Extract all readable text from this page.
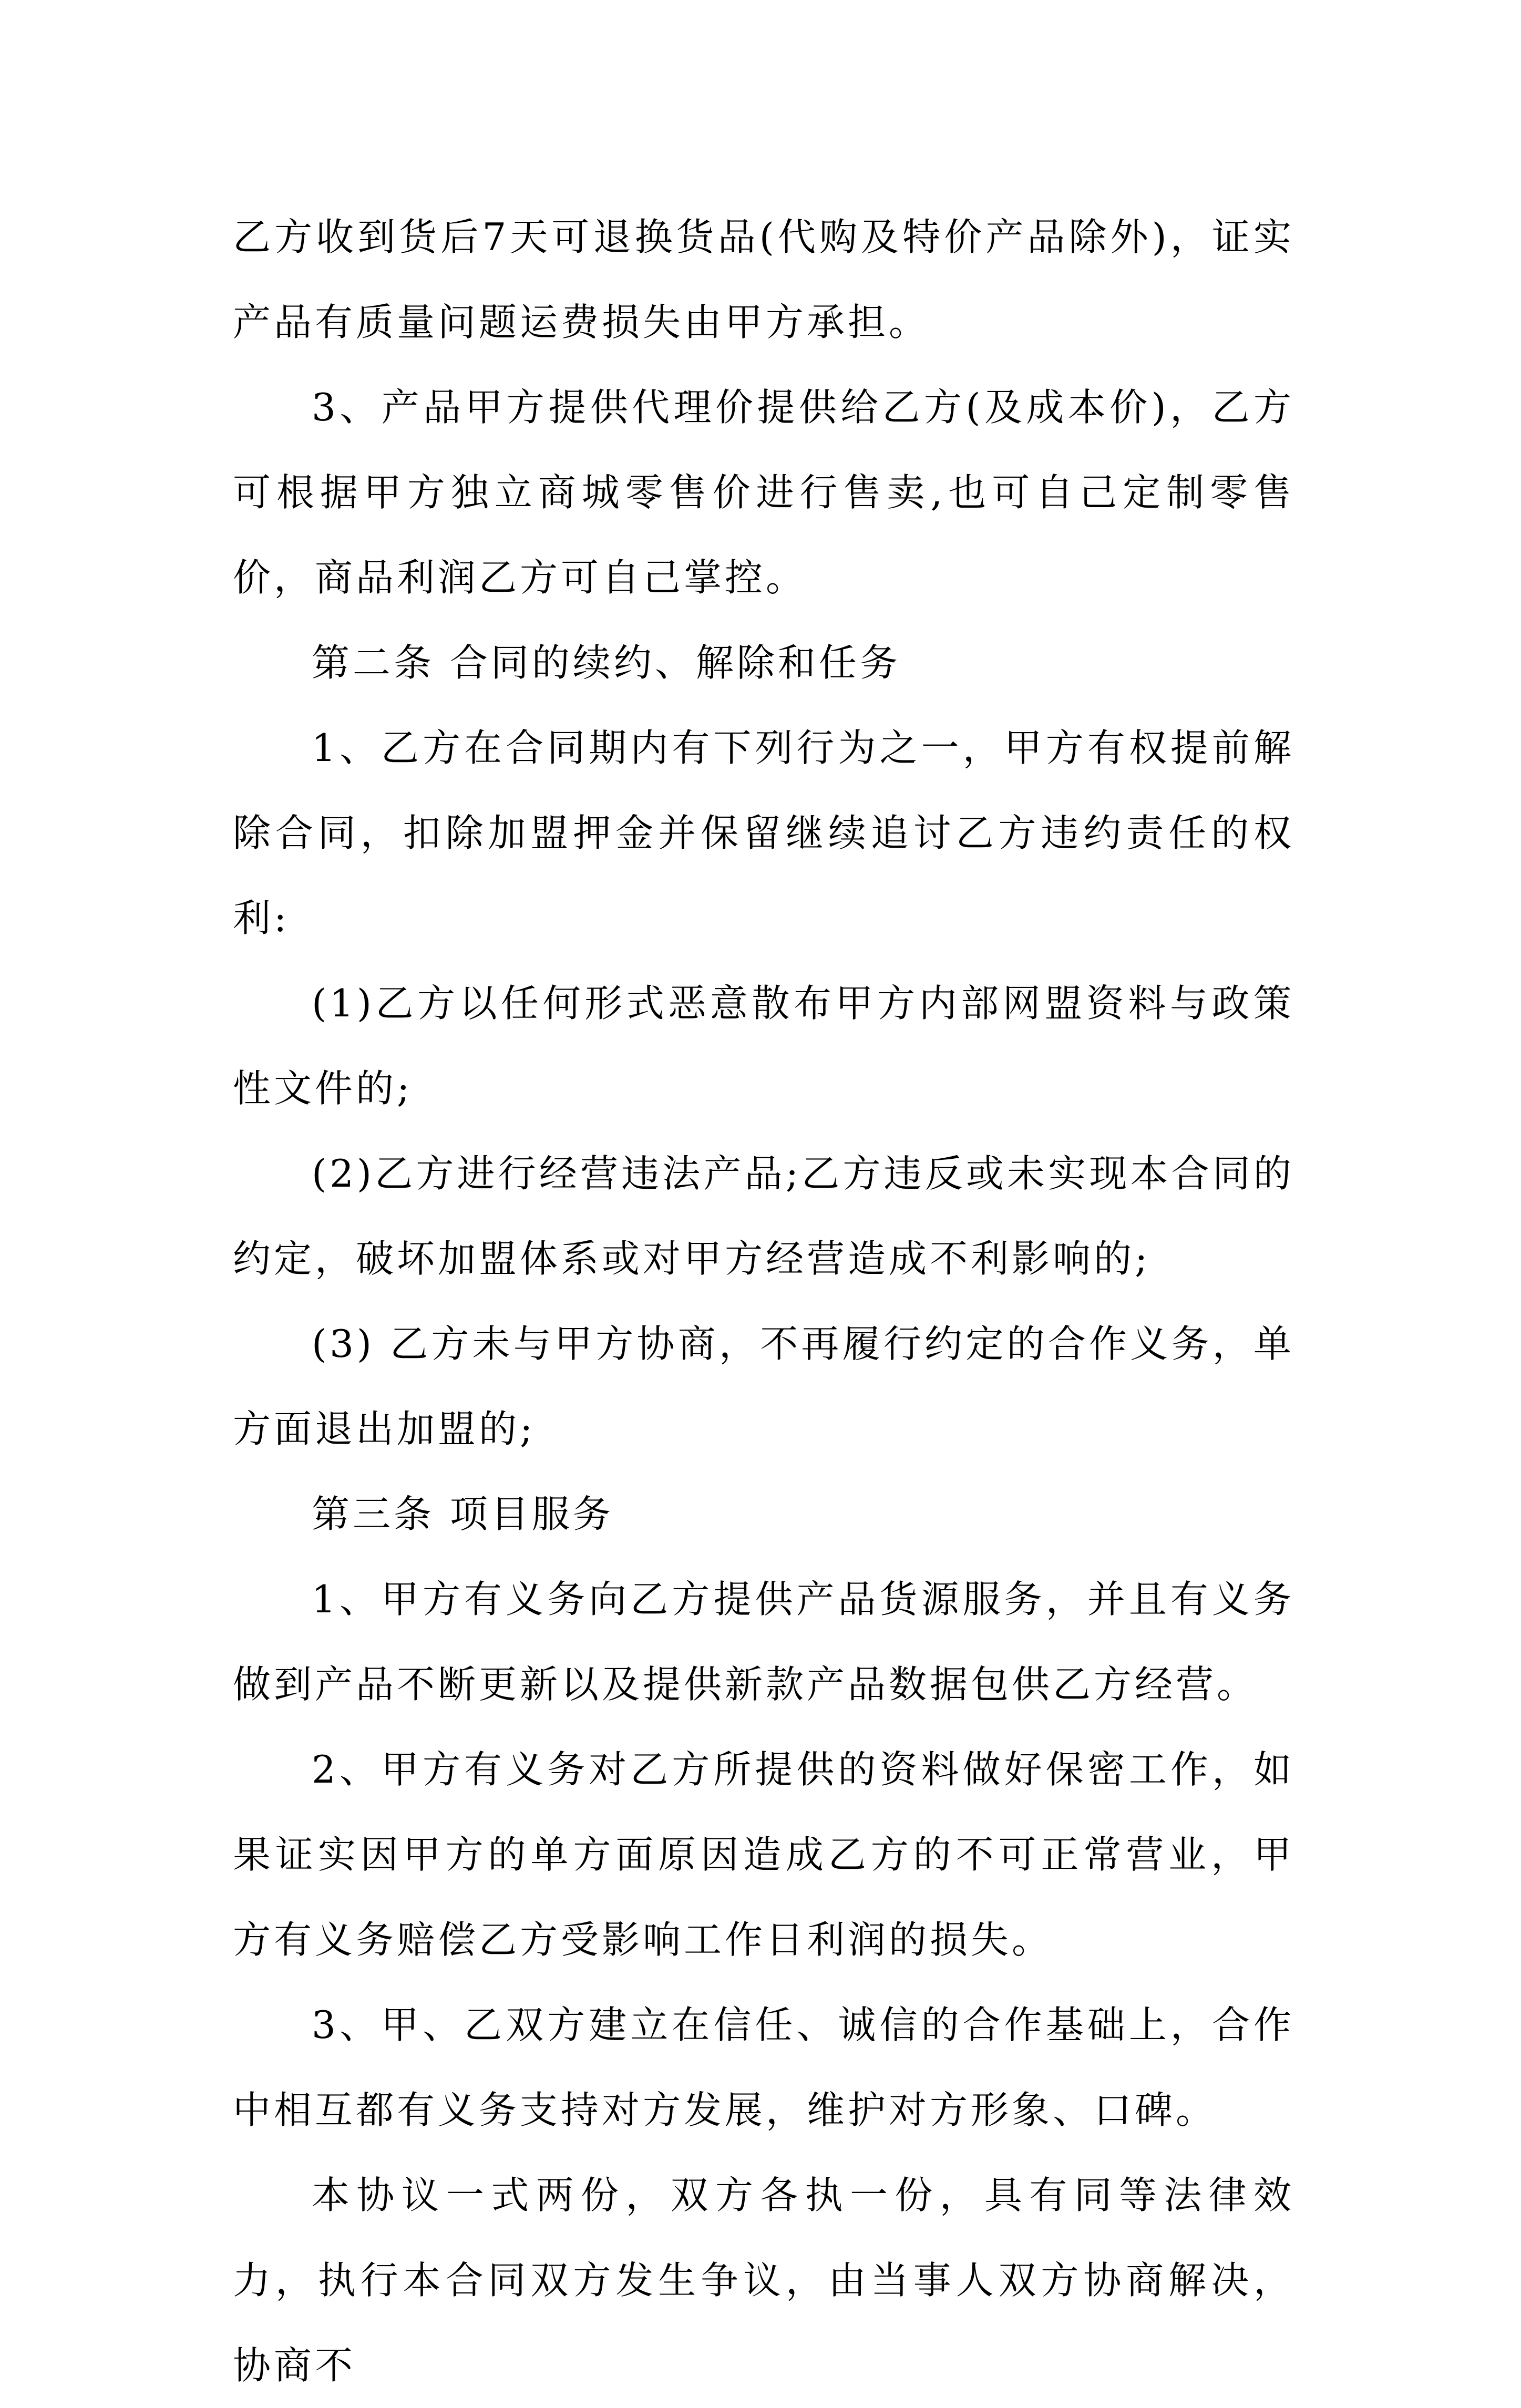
乙方收到货后7天可退换货品(代购及特价产品除外)，证实产品有质量问题运费损失由甲方承担。

3、产品甲方提供代理价提供给乙方(及成本价)，乙方可根据甲方独立商城零售价进行售卖,也可自己定制零售价，商品利润乙方可自己掌控。

第二条 合同的续约、解除和任务

1、乙方在合同期内有下列行为之一，甲方有权提前解除合同，扣除加盟押金并保留继续追讨乙方违约责任的权利:

(1)乙方以任何形式恶意散布甲方内部网盟资料与政策性文件的;

(2)乙方进行经营违法产品;乙方违反或未实现本合同的约定，破坏加盟体系或对甲方经营造成不利影响的;

(3) 乙方未与甲方协商，不再履行约定的合作义务，单方面退出加盟的;

第三条 项目服务

1、甲方有义务向乙方提供产品货源服务，并且有义务做到产品不断更新以及提供新款产品数据包供乙方经营。

2、甲方有义务对乙方所提供的资料做好保密工作，如果证实因甲方的单方面原因造成乙方的不可正常营业，甲方有义务赔偿乙方受影响工作日利润的损失。

3、甲、乙双方建立在信任、诚信的合作基础上，合作中相互都有义务支持对方发展，维护对方形象、口碑。

本协议一式两份，双方各执一份，具有同等法律效力，执行本合同双方发生争议，由当事人双方协商解决，协商不
